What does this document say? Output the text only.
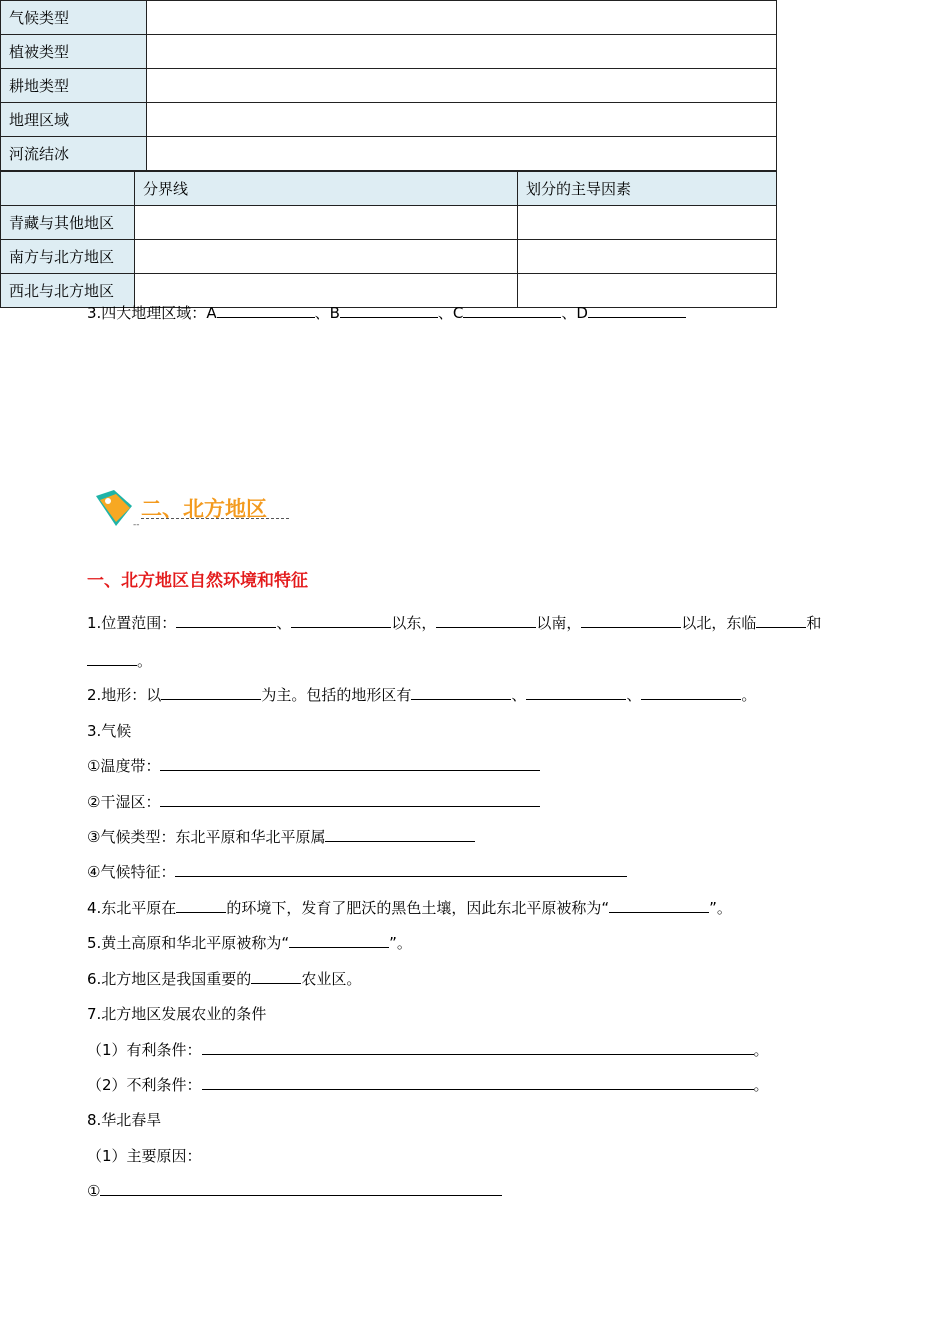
气候类型	
植被类型	
耕地类型	
地理区域	
河流结冰	
3.四大地理区域：A	、B	、C	、D
	分界线	划分的主导因素
青藏与其他地区		
南方与北方地区		
西北与北方地区		
二、北方地区
--
一、北方地区自然环境和特征
1.位置范围：	、	以东，	以南，	以北，东临	和
。
2.地形：以	为主。包括的地形区有	、	、	。
3.气候
①温度带：
②干湿区：
③气候类型：东北平原和华北平原属
④气候特征：
4.东北平原在	的环境下，发育了肥沃的黑色土壤，因此东北平原被称为“	”。
5.黄土高原和华北平原被称为“	”。
6.北方地区是我国重要的	农业区。
7.北方地区发展农业的条件
（1）有利条件：	。
（2）不利条件：	。
8.华北春旱
（1）主要原因：
①
